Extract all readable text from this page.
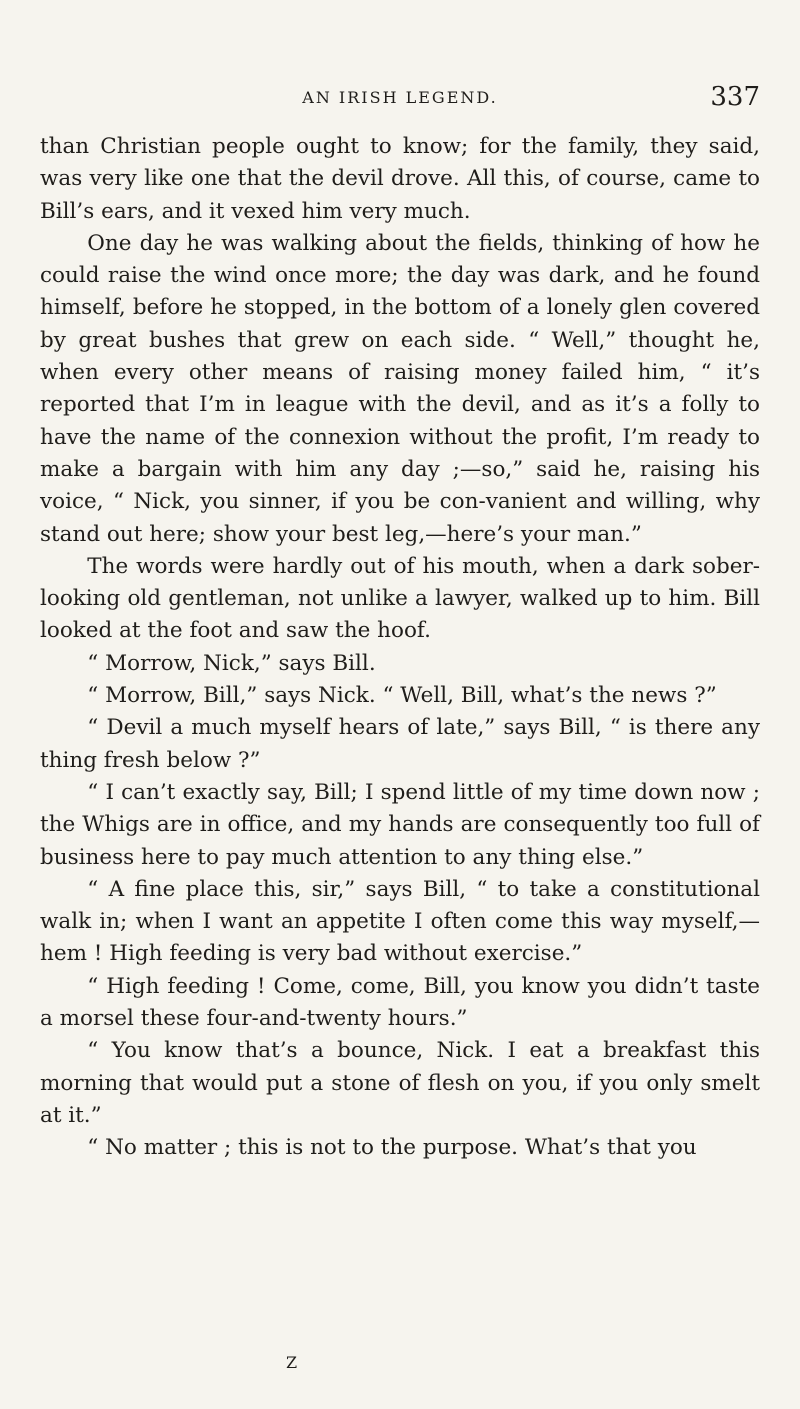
AN IRISH LEGEND.	337

than Christian people ought to know; for the family, they said, was very like one that the devil drove. All this, of course, came to Bill’s ears, and it vexed him very much.

One day he was walking about the fields, thinking of how he could raise the wind once more; the day was dark, and he found himself, before he stopped, in the bottom of a lonely glen covered by great bushes that grew on each side. “ Well,” thought he, when every other means of raising money failed him, “ it’s reported that I’m in league with the devil, and as it’s a folly to have the name of the connexion without the profit, I’m ready to make a bargain with him any day ;—so,” said he, raising his voice, “ Nick, you sinner, if you be con-vanient and willing, why stand out here; show your best leg,—here’s your man.”

The words were hardly out of his mouth, when a dark sober-looking old gentleman, not unlike a lawyer, walked up to him. Bill looked at the foot and saw the hoof.

“ Morrow, Nick,” says Bill.

“ Morrow, Bill,” says Nick. “ Well, Bill, what’s the news ?”

“ Devil a much myself hears of late,” says Bill, “ is there any thing fresh below ?”

“ I can’t exactly say, Bill; I spend little of my time down now ; the Whigs are in office, and my hands are consequently too full of business here to pay much attention to any thing else.”

“ A fine place this, sir,” says Bill, “ to take a constitutional walk in; when I want an appetite I often come this way myself,—hem ! High feeding is very bad without exercise.”

“ High feeding ! Come, come, Bill, you know you didn’t taste a morsel these four-and-twenty hours.”

“ You know that’s a bounce, Nick. I eat a breakfast this morning that would put a stone of flesh on you, if you only smelt at it.”

“ No matter ; this is not to the purpose. What’s that you

Z
